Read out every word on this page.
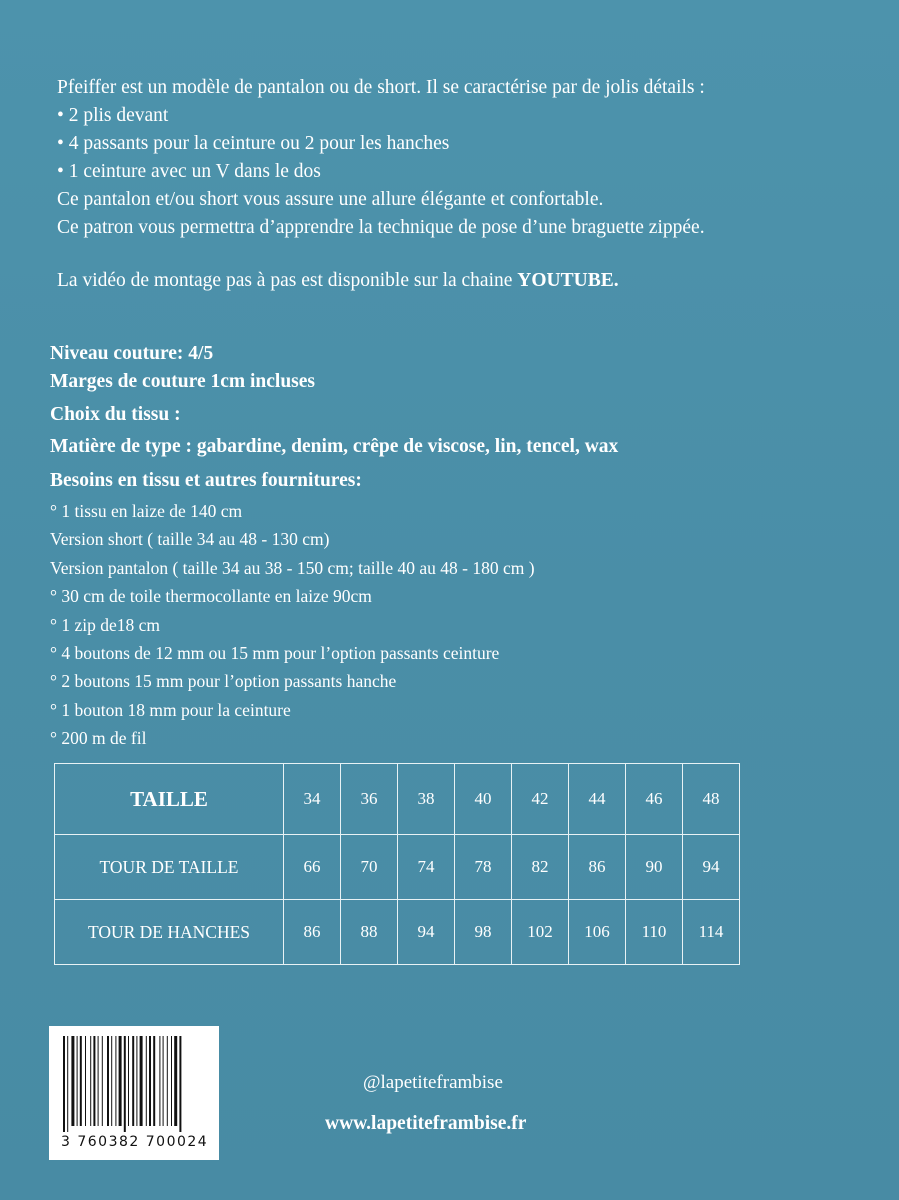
Pfeiffer est un modèle de pantalon ou de short. Il se caractérise par de jolis détails :

• 2 plis devant

• 4 passants pour la ceinture ou 2 pour les hanches

• 1 ceinture avec un V dans le dos

Ce pantalon et/ou short vous assure une allure élégante et confortable.

Ce patron vous permettra d’apprendre la technique de pose d’une braguette zippée.

La vidéo de montage pas à pas est disponible sur la chaine YOUTUBE.

Niveau couture: 4/5

Marges de couture 1cm incluses

Choix du tissu :
Matière de type : gabardine, denim, crêpe de viscose, lin, tencel, wax
Besoins en tissu et autres fournitures:

° 1 tissu en laize de 140 cm

Version short ( taille 34 au 48 - 130 cm)

Version pantalon ( taille 34 au 38 - 150 cm; taille 40 au 48 - 180 cm )

° 30 cm de toile thermocollante en laize 90cm

° 1 zip de18 cm

° 4 boutons de 12 mm ou 15 mm pour l’option passants ceinture

° 2 boutons 15 mm pour l’option passants hanche

° 1 bouton 18 mm pour la ceinture

° 200 m de fil

TAILLE	34	36	38	40	42	44	46	48
TOUR DE TAILLE	66	70	74	78	82	86	90	94
TOUR DE HANCHES	86	88	94	98	102	106	110	114
3 760382 700024
@lapetiteframbise
www.lapetiteframbise.fr
